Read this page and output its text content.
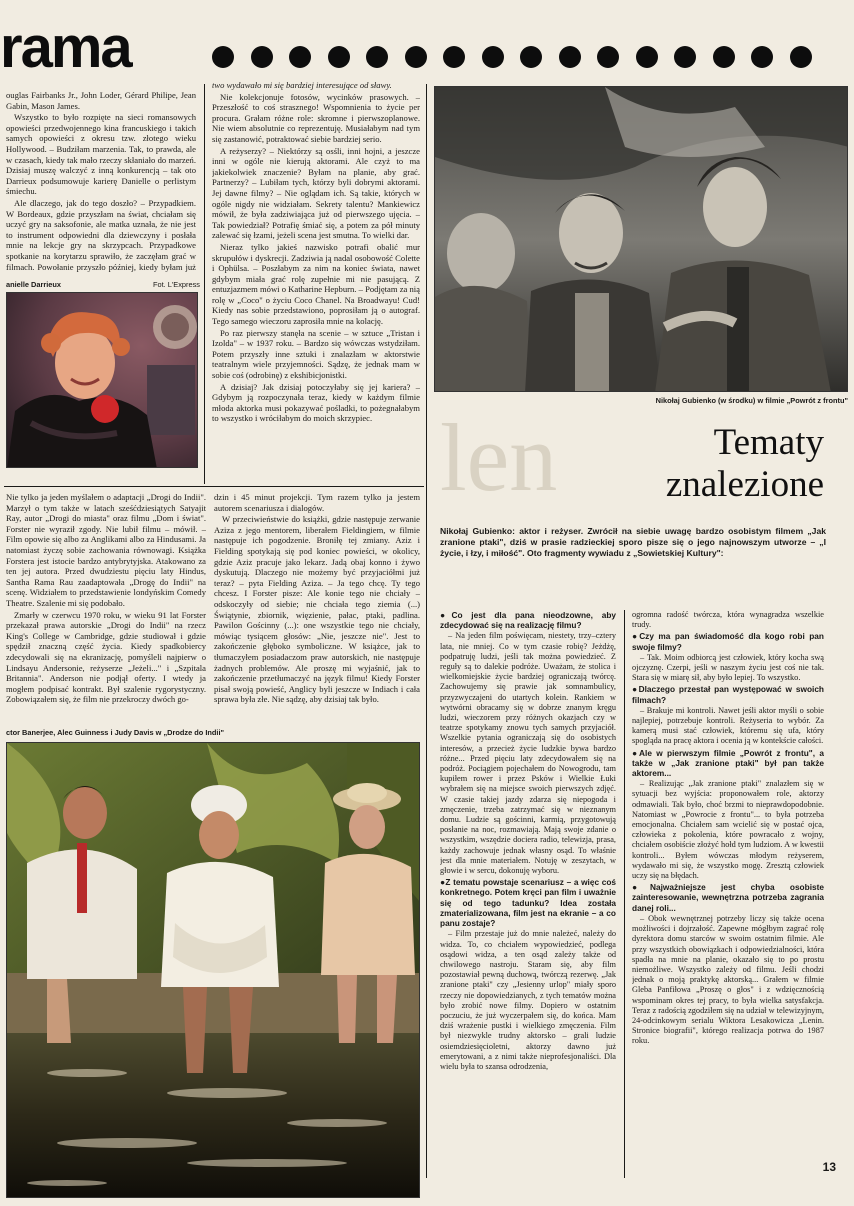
rama

ouglas Fairbanks Jr., John Loder, Gérard Philipe, Jean Gabin, Mason James.

Wszystko to było rozpięte na sieci romansowych opowieści przedwojennego kina francuskiego i takich samych opowieści z okresu tzw. złotego wieku Hollywood. – Budziłam marzenia. Tak, to prawda, ale w czasach, kiedy tak mało rzeczy skłaniało do marzeń. Dzisiaj muszę walczyć z inną konkurencją – tak oto Darrieux podsumowuje karierę Danielle o perlistym śmiechu.

Ale dlaczego, jak do tego doszło? – Przypadkiem. W Bordeaux, gdzie przyszłam na świat, chciałam się uczyć gry na saksofonie, ale matka uznała, że nie jest to instrument odpowiedni dla dziewczyny i posłała mnie na lekcje gry na skrzypcach. Przypadkowe spotkanie na korytarzu sprawiło, że zaczęłam grać w filmach. Powołanie przyszło później, kiedy byłam już

anielle Darrieux	Fot. L'Express

two wydawało mi się bardziej interesujące od sławy.

Nie kolekcjonuje fotosów, wycinków prasowych. – Przeszłość to coś strasznego! Wspomnienia to życie per procura. Grałam różne role: skromne i pierwszoplanowe. Nie wiem absolutnie co reprezentuję. Musiałabym nad tym się zastanowić, potraktować siebie bardziej serio.

A reżyserzy? – Niektórzy są osśli, inni hojni, a jeszcze inni w ogóle nie kierują aktorami. Ale czyż to ma jakiekolwiek znaczenie? Byłam na planie, aby grać. Partnerzy? – Lubiłam tych, którzy byli dobrymi aktorami. Jej dawne filmy? – Nie oglądam ich. Są takie, których w ogóle nigdy nie widziałam. Sekrety talentu? Mankiewicz mówił, że była zadziwiająca już od pierwszego ujęcia. – Tak powiedział? Potrafię śmiać się, a potem za pół minuty zalewać się łzami, jeżeli scena jest smutna. To wielki dar.

Nieraz tylko jakieś nazwisko potrafi obalić mur skrupułów i dyskrecji. Zadziwia ją nadal osobowość Colette i Ophülsa. – Poszłabym za nim na koniec świata, nawet gdybym miała grać rolę zupełnie mi nie pasującą. Z entuzjazmem mówi o Katharine Hepburn. – Podjętam za nią rolę w „Coco" o życiu Coco Chanel. Na Broadwayu! Cud! Kiedy nas sobie przedstawiono, poprosiłam ją o autograf. Tego samego wieczoru zaprosiła mnie na kolację.

Po raz pierwszy stanęła na scenie – w sztuce „Tristan i Izolda" – w 1937 roku. – Bardzo się wówczas wstydziłam. Potem przyszły inne sztuki i znalazłam w aktorstwie teatralnym wiele przyjemności. Sądzę, że jednak mam w sobie coś (odrobinę) z ekshibicjonistki.

A dzisiaj? Jak dzisiaj potoczyłaby się jej kariera? – Gdybym ją rozpoczynała teraz, kiedy w każdym filmie młoda aktorka musi pokazywać pośladki, to pożegnałabym to wszystko i wróciłabym do moich skrzypiec.

Nikołaj Gubienko (w środku) w filmie „Powrót z frontu"
len	Tematy
znalezione
Nikołaj Gubienko: aktor i reżyser. Zwrócił na siebie uwagę bardzo osobistym filmem „Jak zranione ptaki", dziś w prasie radzieckiej sporo pisze się o jego najnowszym utworze – „I życie, i łzy, i miłość". Oto fragmenty wywiadu z „Sowietskiej Kultury":

● Co jest dla pana nieodzowne, aby zdecydować się na realizację filmu?

– Na jeden film poświęcam, niestety, trzy–cztery lata, nie mniej. Co w tym czasie robię? Jeżdżę, podpatruję ludzi, jeśli tak można powiedzieć. Z reguły są to dalekie podróże. Uważam, że stolica i wielkomiejskie życie bardziej ograniczają twórcę. Zachowujemy się prawie jak somnambulicy, przyzwyczajeni do utartych kolein. Rankiem w wytwórni obracamy się w dobrze znanym kręgu ludzi, wieczorem przy różnych okazjach czy w teatrze spotykamy znowu tych samych przyjaciół. Wszelkie pytania ograniczają się do osobistych interesów, a przecież życie ludzkie bywa bardzo różne... Przed pięciu laty zdecydowałem się na podróż. Pociągiem pojechałem do Nowogrodu, tam kupiłem rower i przez Psków i Wielkie Łuki wybrałem się na miejsce swoich pierwszych zdjęć. W czasie takiej jazdy zdarza się niepogoda i zmęczenie, trzeba zatrzymać się w nieznanym domu. Ludzie są gościnni, karmią, przygotowują posłanie na noc, rozmawiają. Mają swoje zdanie o wszystkim, wszędzie dociera radio, telewizja, prasa, każdy zachowuje jednak własny osąd. To właśnie jest dla mnie materiałem. Notuję w zeszytach, w głowie i w sercu, dokonuję wyboru.

● Z tematu powstaje scenariusz – a więc coś konkretnego. Potem kręci pan film i uważnie się od tego tadunku? Idea została zmaterializowana, film jest na ekranie – a co panu zostaje?

– Film przestaje już do mnie należeć, należy do widza. To, co chciałem wypowiedzieć, podlega osądowi widza, a ten osąd zależy także od chwilowego nastroju. Staram się, aby film pozostawiał pewną duchową, twórczą rezerwę. „Jak zranione ptaki" czy „Jesienny urlop" miały sporo rzeczy nie dopowiedzianych, z tych tematów można było zrobić nowe filmy. Dopiero w ostatnim poczuciu, że już wyczerpałem się, do końca. Mam dziś wrażenie pustki i wielkiego zmęczenia. Film był niezwykle trudny aktorsko – grali ludzie osiemdziesięcioletni, aktorzy dawno już emerytowani, a z nimi także nieprofesjonaliści. Dla wielu była to szansa odrodzenia,

ogromna radość twórcza, która wynagradza wszelkie trudy.

● Czy ma pan świadomość dla kogo robi pan swoje filmy?

– Tak. Moim odbiorcą jest człowiek, który kocha swą ojczyznę. Czerpi, jeśli w naszym życiu jest coś nie tak. Stara się w miarę sił, aby było lepiej. To wszystko.

● Dlaczego przestał pan występować w swoich filmach?

– Brakuje mi kontroli. Nawet jeśli aktor myśli o sobie najlepiej, potrzebuje kontroli. Reżyseria to wybór. Za kamerą musi stać człowiek, któremu się ufa, który spogląda na pracę aktora i ocenia ją w kontekście całości.

● Ale w pierwszym filmie „Powrót z frontu", a także w „Jak zranione ptaki" był pan także aktorem...

– Realizując „Jak zranione ptaki" znalazłem się w sytuacji bez wyjścia: proponowałem role, aktorzy odmawiali. Tak było, choć brzmi to nieprawdopodobnie. Natomiast w „Powrocie z frontu"... to była potrzeba emocjonalna. Chciałem sam wcielić się w postać ojca, człowieka z pokolenia, które powracało z wojny, chciałem osobiście złożyć hołd tym ludziom. A w kwestii kontroli... Byłem wówczas młodym reżyserem, wydawało mi się, że wszystko mogę. Zresztą człowiek uczy się na błędach.

● Najważniejsze jest chyba osobiste zainteresowanie, wewnętrzna potrzeba zagrania danej roli...

– Obok wewnętrznej potrzeby liczy się także ocena możliwości i dojrzałość. Zapewne mógłbym zagrać rolę dyrektora domu starców w swoim ostatnim filmie. Ale przy wszystkich obowiązkach i odpowiedzialności, która spadła na mnie na planie, okazało się to po prostu niemożliwe. Wszystko zależy od filmu. Jeśli chodzi jednak o moją praktykę aktorską... Grałem w filmie Gleba Panfiłowa „Proszę o głos" i z wdzięcznością wspominam okres tej pracy, to była wielka satysfakcja. Teraz z radością zgodziłem się na udział w telewizyjnym, 24-odcinkowym serialu Wiktora Lesakowicza „Lenin. Stronice biografii", którego realizacja potrwa do 1987 roku.

Nie tylko ja jeden myślałem o adaptacji „Drogi do Indii". Marzył o tym także w latach sześćdziesiątych Satyajit Ray, autor „Drogi do miasta" oraz filmu „Dom i świat". Forster nie wyraził zgody. Nie lubił filmu – mówił. – Film opowie się albo za Anglikami albo za Hindusami. Ja natomiast życzę sobie zachowania równowagi. Książka Forstera jest istocie bardzo antybrytyjska. Atakowano za ten jej autora. Przed dwudziestu pięciu laty Hindus, Santha Rama Rau zaadaptowała „Drogę do Indii" na scenę. Widziałem to przedstawienie londyńskim Comedy Theatre. Szalenie mi się podobało.

Zmarły w czerwcu 1970 roku, w wieku 91 lat Forster przekazał prawa autorskie „Drogi do Indii" na rzecz King's College w Cambridge, gdzie studiował i gdzie spędził znaczną część życia. Kiedy spadkobiercy zdecydowali się na ekranizację, pomyśleli najpierw o Lindsayu Andersonie, reżyserze „Jeżeli..." i „Szpitala Britannia". Anderson nie podjął oferty. I wtedy ja mogłem podpisać kontrakt. Był szalenie rygorystyczny. Zobowiązałem się, że film nie przekroczy dwóch go-

dzin i 45 minut projekcji. Tym razem tylko ja jestem autorem scenariusza i dialogów.

W przeciwieństwie do książki, gdzie następuje zerwanie Aziza z jego mentorem, liberałem Fieldingiem, w filmie następuje ich pogodzenie. Broniłę tej zmiany. Aziz i Fielding spotykają się pod koniec powieści, w okolicy, gdzie Aziz pracuje jako lekarz. Jadą obaj konno i żywo dyskutują. Dlaczego nie możemy być przyjaciółmi już teraz? – pyta Fielding Aziza. – Ja tego chcę. Ty tego chcesz. I Forster pisze: Ale konie tego nie chciały – odskoczyły od siebie; nie chciała tego ziemia (...) Świątynie, zbiornik, więzienie, pałac, ptaki, padlina. Pawilon Gościnny (...): one wszystkie tego nie chciały, mówiąc tysiącem głosów: „Nie, jeszcze nie". Jest to zakończenie głęboko symboliczne. W książce, jak to tłumaczyłem posiadaczom praw autorskich, nie następuje żadnych problemów. Ale proszę mi wyjaśnić, jak to zakończenie przetłumaczyć na język filmu! Kiedy Forster pisał swoją powieść, Anglicy byli jeszcze w Indiach i cała sprawa była złe. Nie sądzę, aby dzisiaj tak było.

ctor Banerjee, Alec Guinness i Judy Davis w „Drodze do Indii"
13
